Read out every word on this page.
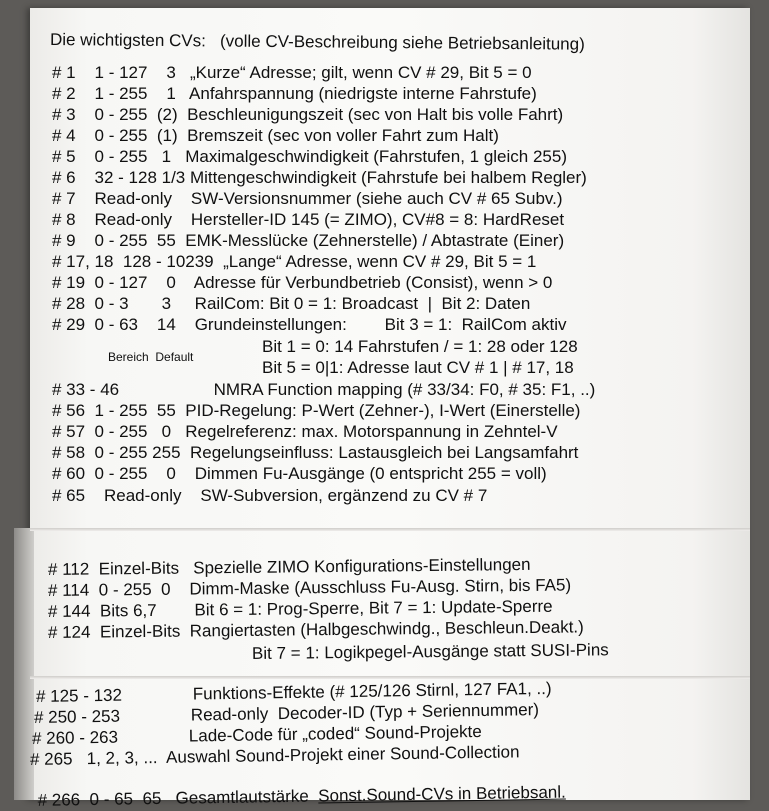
Die wichtigsten CVs:   (volle CV-Beschreibung siehe Betriebsanleitung)
# 1    1 - 127    3   „Kurze“ Adresse; gilt, wenn CV # 29, Bit 5 = 0
# 2    1 - 255    1   Anfahrspannung (niedrigste interne Fahrstufe)
# 3    0 - 255  (2)  Beschleunigungszeit (sec von Halt bis volle Fahrt)
# 4    0 - 255  (1)  Bremszeit (sec von voller Fahrt zum Halt)
# 5    0 - 255   1   Maximalgeschwindigkeit (Fahrstufen, 1 gleich 255)
# 6    32 - 128 1/3 Mittengeschwindigkeit (Fahrstufe bei halbem Regler)
# 7    Read-only    SW-Versionsnummer (siehe auch CV # 65 Subv.)
# 8    Read-only    Hersteller-ID 145 (= ZIMO), CV#8 = 8: HardReset
# 9    0 - 255  55  EMK-Messlücke (Zehnerstelle) / Abtastrate (Einer)
# 17, 18  128 - 10239  „Lange“ Adresse, wenn CV # 29, Bit 5 = 1
# 19  0 - 127    0    Adresse für Verbundbetrieb (Consist), wenn > 0
# 28  0 - 3       3     RailCom: Bit 0 = 1: Broadcast  |  Bit 2: Daten
# 29  0 - 63    14    Grundeinstellungen:        Bit 3 = 1:  RailCom aktiv
Bit 1 = 0: 14 Fahrstufen / = 1: 28 oder 128
Bereich  Default
Bit 5 = 0|1: Adresse laut CV # 1 | # 17, 18
# 33 - 46                    NMRA Function mapping (# 33/34: F0, # 35: F1, ..)
# 56  1 - 255  55  PID-Regelung: P-Wert (Zehner-), I-Wert (Einerstelle)
# 57  0 - 255   0   Regelreferenz: max. Motorspannung in Zehntel-V
# 58  0 - 255 255  Regelungseinfluss: Lastausgleich bei Langsamfahrt
# 60  0 - 255    0    Dimmen Fu-Ausgänge (0 entspricht 255 = voll)
# 65    Read-only    SW-Subversion, ergänzend zu CV # 7
# 112  Einzel-Bits   Spezielle ZIMO Konfigurations-Einstellungen
# 114  0 - 255  0    Dimm-Maske (Ausschluss Fu-Ausg. Stirn, bis FA5)
# 144  Bits 6,7        Bit 6 = 1: Prog-Sperre, Bit 7 = 1: Update-Sperre
# 124  Einzel-Bits  Rangiertasten (Halbgeschwindg., Beschleun.Deakt.)
Bit 7 = 1: Logikpegel-Ausgänge statt SUSI-Pins
# 125 - 132               Funktions-Effekte (# 125/126 Stirnl, 127 FA1, ..)
# 250 - 253               Read-only  Decoder-ID (Typ + Seriennummer)
# 260 - 263               Lade-Code für „coded“ Sound-Projekte
# 265   1, 2, 3, ...  Auswahl Sound-Projekt einer Sound-Collection

# 266  0 - 65  65   Gesamtlautstärke  Sonst.Sound-CVs in Betriebsanl.
